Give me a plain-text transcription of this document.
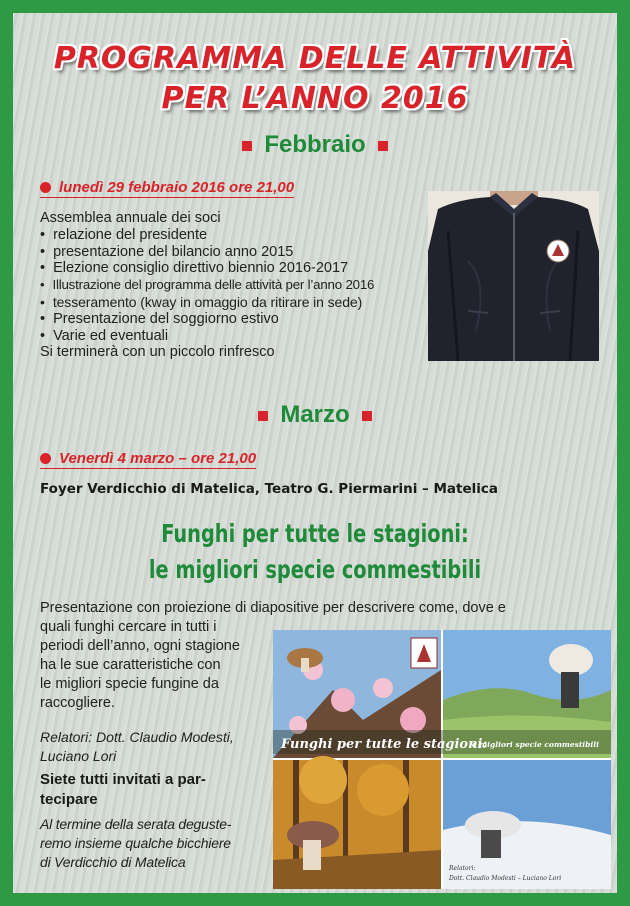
PROGRAMMA DELLE ATTIVITÀ
PER L’ANNO 2016
Febbraio
lunedì 29 febbraio 2016 ore 21,00
Assemblea annuale dei soci
• relazione del presidente
• presentazione del bilancio anno 2015
• Elezione consiglio direttivo biennio 2016-2017
• Illustrazione del programma delle attività per l’anno 2016
• tesseramento (kway in omaggio da ritirare in sede)
• Presentazione del soggiorno estivo
• Varie ed eventuali
Si terminerà con un piccolo rinfresco
Marzo
Venerdì 4 marzo – ore 21,00
Foyer Verdicchio di Matelica, Teatro G. Piermarini – Matelica
Funghi per tutte le stagioni:
le migliori specie commestibili
Presentazione con proiezione di diapositive per descrivere come, dove e
quali funghi cercare in tutti i
periodi dell’anno, ogni stagione
ha le sue caratteristiche con
le migliori specie fungine da
raccogliere.
Relatori: Dott. Claudio Modesti,
Luciano Lori
Siete tutti invitati a par-
tecipare
Al termine della serata deguste-
remo insieme qualche bicchiere
di Verdicchio di Matelica
Funghi per tutte le stagioni:
le migliori specie commestibili
Relatori:
Dott. Claudio Modesti – Luciano Lori
